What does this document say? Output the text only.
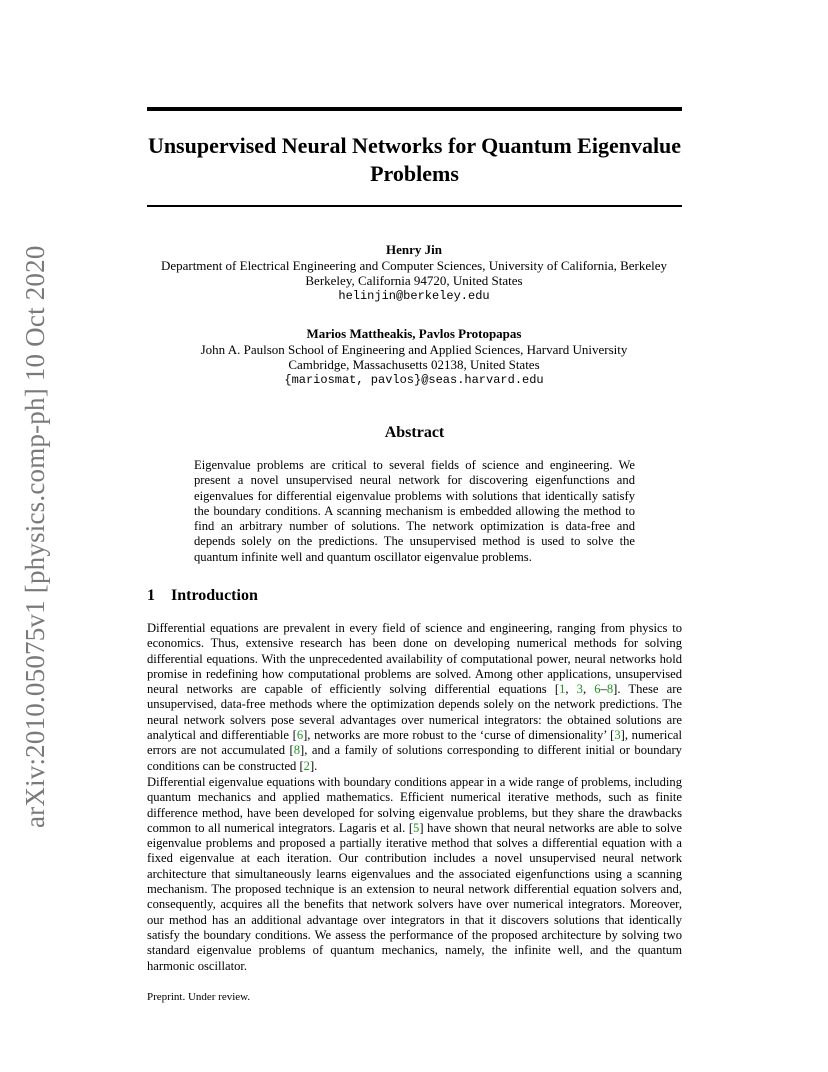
arXiv:2010.05075v1 [physics.comp-ph] 10 Oct 2020
Unsupervised Neural Networks for Quantum Eigenvalue Problems
Henry Jin
Department of Electrical Engineering and Computer Sciences, University of California, Berkeley
Berkeley, California 94720, United States
helinjin@berkeley.edu
Marios Mattheakis, Pavlos Protopapas
John A. Paulson School of Engineering and Applied Sciences, Harvard University
Cambridge, Massachusetts 02138, United States
{mariosmat, pavlos}@seas.harvard.edu
Abstract
Eigenvalue problems are critical to several fields of science and engineering. We present a novel unsupervised neural network for discovering eigenfunctions and eigenvalues for differential eigenvalue problems with solutions that identically satisfy the boundary conditions. A scanning mechanism is embedded allowing the method to find an arbitrary number of solutions. The network optimization is data-free and depends solely on the predictions. The unsupervised method is used to solve the quantum infinite well and quantum oscillator eigenvalue problems.
1 Introduction
Differential equations are prevalent in every field of science and engineering, ranging from physics to economics. Thus, extensive research has been done on developing numerical methods for solving differential equations. With the unprecedented availability of computational power, neural networks hold promise in redefining how computational problems are solved. Among other applications, unsupervised neural networks are capable of efficiently solving differential equations [1, 3, 6–8]. These are unsupervised, data-free methods where the optimization depends solely on the network predictions. The neural network solvers pose several advantages over numerical integrators: the obtained solutions are analytical and differentiable [6], networks are more robust to the ‘curse of dimensionality’ [3], numerical errors are not accumulated [8], and a family of solutions corresponding to different initial or boundary conditions can be constructed [2].
Differential eigenvalue equations with boundary conditions appear in a wide range of problems, including quantum mechanics and applied mathematics. Efficient numerical iterative methods, such as finite difference method, have been developed for solving eigenvalue problems, but they share the drawbacks common to all numerical integrators. Lagaris et al. [5] have shown that neural networks are able to solve eigenvalue problems and proposed a partially iterative method that solves a differential equation with a fixed eigenvalue at each iteration. Our contribution includes a novel unsupervised neural network architecture that simultaneously learns eigenvalues and the associated eigenfunctions using a scanning mechanism. The proposed technique is an extension to neural network differential equation solvers and, consequently, acquires all the benefits that network solvers have over numerical integrators. Moreover, our method has an additional advantage over integrators in that it discovers solutions that identically satisfy the boundary conditions. We assess the performance of the proposed architecture by solving two standard eigenvalue problems of quantum mechanics, namely, the infinite well, and the quantum harmonic oscillator.
Preprint. Under review.
